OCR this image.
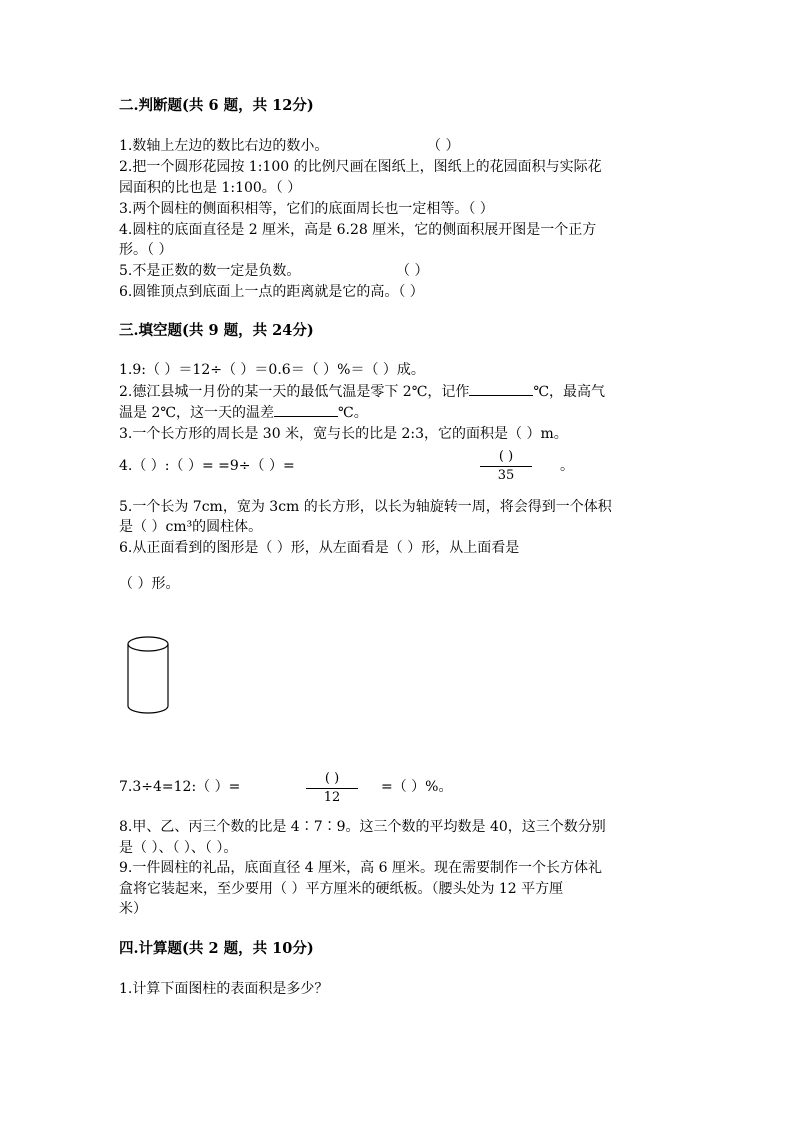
二.判断题(共 6 题，共 12分)
1.数轴上左边的数比右边的数小。	（ ）
2.把一个圆形花园按 1:100 的比例尺画在图纸上，图纸上的花园面积与实际花
园面积的比也是 1:100。（ ）
3.两个圆柱的侧面积相等，它们的底面周长也一定相等。（ ）
4.圆柱的底面直径是 2 厘米，高是 6.28 厘米，它的侧面积展开图是一个正方
形。（ ）
5.不是正数的数一定是负数。	（ ）
6.圆锥顶点到底面上一点的距离就是它的高。（ ）
三.填空题(共 9 题，共 24分)
1.9:（ ）＝12÷（ ）＝0.6＝（ ）%＝（ ）成。
2.德江县城一月份的某一天的最低气温是零下 2℃，记作	℃，最高气
温是 2℃，这一天的温差	℃。
3.一个长方形的周长是 30 米，宽与长的比是 2:3，它的面积是（ ）m。
4.（ ）:（ ）= =9÷（ ）=
( )
35
。
5.一个长为 7cm，宽为 3cm 的长方形，以长为轴旋转一周，将会得到一个体积
是（ ）cm³的圆柱体。
6.从正面看到的图形是（ ）形，从左面看是（ ）形，从上面看是
（ ）形。
7.3÷4=12:（ ）=
( )
12
=（ ）%。
8.甲、乙、丙三个数的比是 4∶7∶9。这三个数的平均数是 40，这三个数分别
是（ ）、（ ）、（ ）。
9.一件圆柱的礼品，底面直径 4 厘米，高 6 厘米。现在需要制作一个长方体礼
盒将它装起来，至少要用（ ）平方厘米的硬纸板。（腰头处为 12 平方厘
米）
四.计算题(共 2 题，共 10分)
1.计算下面图柱的表面积是多少？
